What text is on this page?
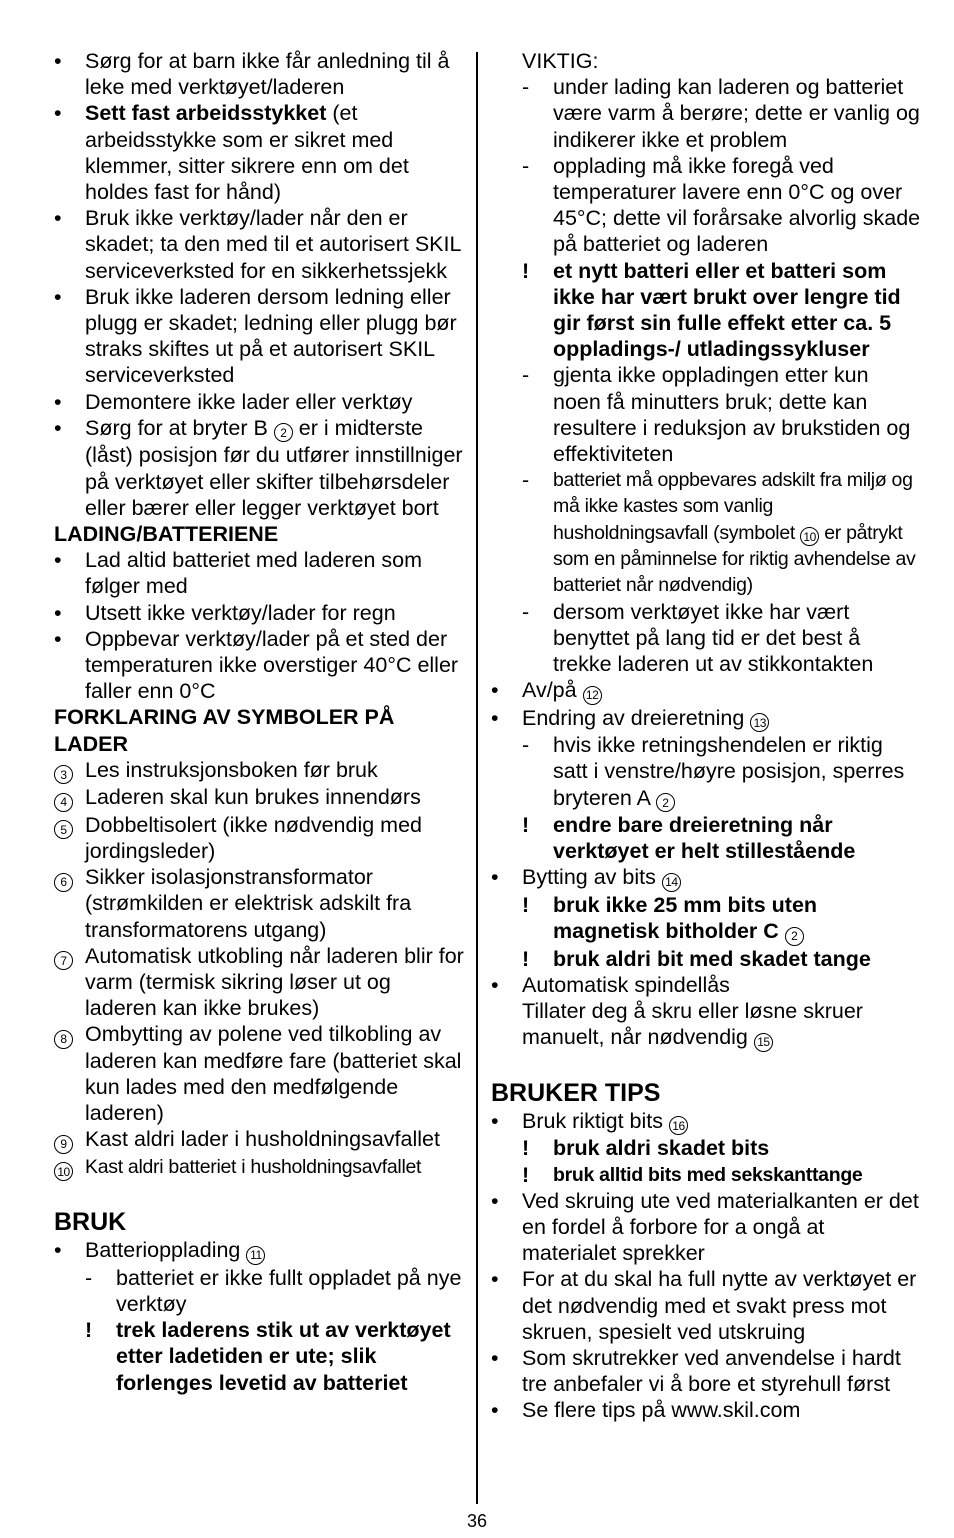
•	Sørg for at barn ikke får anledning til å leke med verktøyet/laderen
•	Sett fast arbeidsstykket (et arbeidsstykke som er sikret med klemmer, sitter sikrere enn om det holdes fast for hånd)
•	Bruk ikke verktøy/lader når den er skadet; ta den med til et autorisert SKIL serviceverksted for en sikkerhetssjekk
•	Bruk ikke laderen dersom ledning eller plugg er skadet; ledning eller plugg bør straks skiftes ut på et autorisert SKIL serviceverksted
•	Demontere ikke lader eller verktøy
•	Sørg for at bryter B 2 er i midterste (låst) posisjon før du utfører innstillniger på verktøyet eller skifter tilbehørsdeler eller bærer eller legger verktøyet bort
LADING/BATTERIENE
•	Lad altid batteriet med laderen som følger med
•	Utsett ikke verktøy/lader for regn
•	Oppbevar verktøy/lader på et sted der temperaturen ikke overstiger 40°C eller faller enn 0°C
FORKLARING AV SYMBOLER PÅ LADER
3 Les instruksjonsboken før bruk
4 Laderen skal kun brukes innendørs
5 Dobbeltisolert (ikke nødvendig med jordingsleder)
6 Sikker isolasjonstransformator (strømkilden er elektrisk adskilt fra transformatorens utgang)
7 Automatisk utkobling når laderen blir for varm (termisk sikring løser ut og laderen kan ikke brukes)
8 Ombytting av polene ved tilkobling av laderen kan medføre fare (batteriet skal kun lades med den medfølgende laderen)
9 Kast aldri lader i husholdningsavfallet
10 Kast aldri batteriet i husholdningsavfallet
BRUK
•	Batteriopplading 11
-	batteriet er ikke fullt oppladet på nye verktøy
!	trek laderens stik ut av verktøyet etter ladetiden er ute; slik forlenges levetid av batteriet
VIKTIG:
-	under lading kan laderen og batteriet være varm å berøre; dette er vanlig og indikerer ikke et problem
-	opplading må ikke foregå ved temperaturer lavere enn 0°C og over 45°C; dette vil forårsake alvorlig skade på batteriet og laderen
!	et nytt batteri eller et batteri som ikke har vært brukt over lengre tid gir først sin fulle effekt etter ca. 5 oppladings-/ utladingssykluser
-	gjenta ikke oppladingen etter kun noen få minutters bruk; dette kan resultere i reduksjon av brukstiden og effektiviteten
-	batteriet må oppbevares adskilt fra miljø og må ikke kastes som vanlig husholdningsavfall (symbolet 10 er påtrykt som en påminnelse for riktig avhendelse av batteriet når nødvendig)
-	dersom verktøyet ikke har vært benyttet på lang tid er det best å trekke laderen ut av stikkontakten
•	Av/på 12
•	Endring av dreieretning 13
-	hvis ikke retningshendelen er riktig satt i venstre/høyre posisjon, sperres bryteren A 2
!	endre bare dreieretning når verktøyet er helt stillestående
•	Bytting av bits 14
!	bruk ikke 25 mm bits uten magnetisk bitholder C 2
!	bruk aldri bit med skadet tange
•	Automatisk spindellås
Tillater deg å skru eller løsne skruer manuelt, når nødvendig 15
BRUKER TIPS
•	Bruk riktigt bits 16
!	bruk aldri skadet bits
!	bruk alltid bits med sekskanttange
•	Ved skruing ute ved materialkanten er det en fordel å forbore for a ongå at materialet sprekker
•	For at du skal ha full nytte av verktøyet er det nødvendig med et svakt press mot skruen, spesielt ved utskruing
•	Som skrutrekker ved anvendelse i hardt tre anbefaler vi å bore et styrehull først
•	Se flere tips på www.skil.com
36
